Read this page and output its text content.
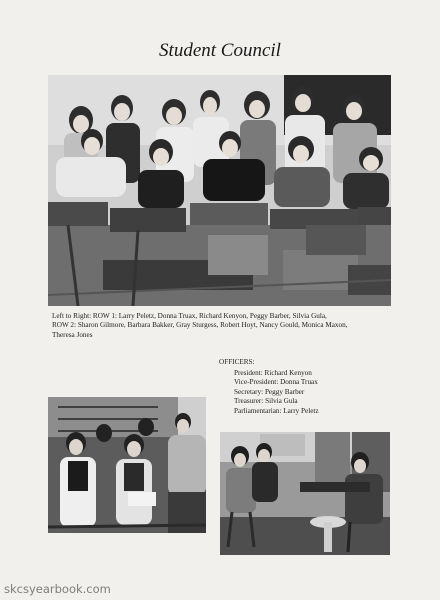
Student Council
Left to Right: ROW 1: Larry Peletz, Donna Truax, Richard Kenyon, Peggy Barber, Silvia Gula,
ROW 2: Sharon Gilmore, Barbara Bakker, Gray Sturgess, Robert Hoyt, Nancy Gould, Monica Maxon,
Theresa Jones
OFFICERS:
President: Richard Kenyon
Vice-President: Donna Truax
Secretary: Peggy Barber
Treasurer: Silvia Gula
Parliamentarian: Larry Peletz
skcsyearbook.com
